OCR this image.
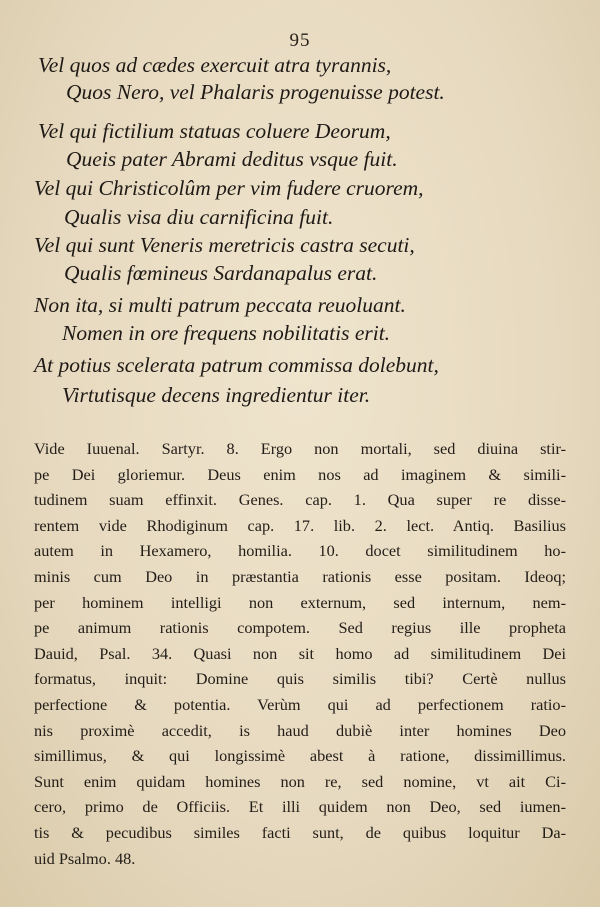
95
Vel quos ad cædes exercuit atra tyrannis,
Quos Nero, vel Phalaris progenuisse potest.
Vel qui fictilium statuas coluere Deorum,
Queis pater Abrami deditus vsque fuit.
Vel qui Christicolûm per vim fudere cruorem,
Qualis visa diu carnificina fuit.
Vel qui sunt Veneris meretricis castra secuti,
Qualis fœmineus Sardanapalus erat.
Non ita, si multi patrum peccata reuoluant.
Nomen in ore frequens nobilitatis erit.
At potius scelerata patrum commissa dolebunt,
Virtutisque decens ingredientur iter.
Vide Iuuenal. Sartyr. 8. Ergo non mortali, sed diuina stir-
pe Dei gloriemur. Deus enim nos ad imaginem & simili-
tudinem suam effinxit. Genes. cap. 1. Qua super re disse-
rentem vide Rhodiginum cap. 17. lib. 2. lect. Antiq. Basilius
autem in Hexamero, homilia. 10. docet similitudinem ho-
minis cum Deo in præstantia rationis esse positam. Ideoq;
per hominem intelligi non externum, sed internum, nem-
pe animum rationis compotem. Sed regius ille propheta
Dauid, Psal. 34. Quasi non sit homo ad similitudinem Dei
formatus, inquit: Domine quis similis tibi? Certè nullus
perfectione & potentia. Verùm qui ad perfectionem ratio-
nis proximè accedit, is haud dubiè inter homines Deo
simillimus, & qui longissimè abest à ratione, dissimillimus.
Sunt enim quidam homines non re, sed nomine, vt ait Ci-
cero, primo de Officiis. Et illi quidem non Deo, sed iumen-
tis & pecudibus similes facti sunt, de quibus loquitur Da-
uid Psalmo. 48.
